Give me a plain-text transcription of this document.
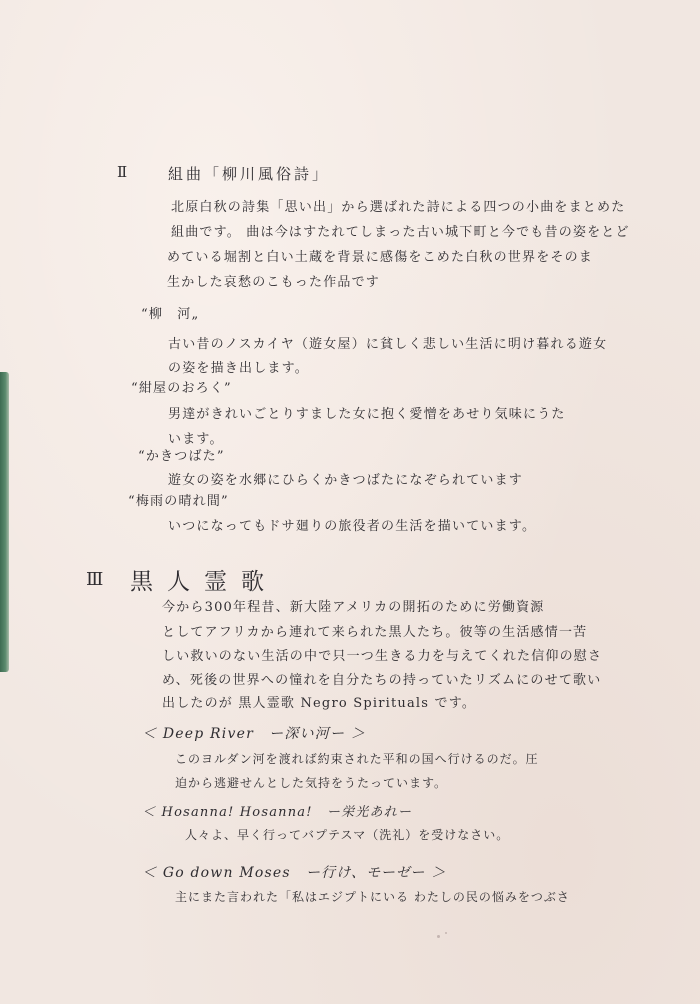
Ⅱ	組曲「柳川風俗詩」

北原白秋の詩集「思い出」から選ばれた詩による四つの小曲をまとめた

組曲です。 曲は今はすたれてしまった古い城下町と今でも昔の姿をとど

めている堀割と白い土蔵を背景に感傷をこめた白秋の世界をそのま

生かした哀愁のこもった作品です

“柳　河„

古い昔のノスカイヤ（遊女屋）に貧しく悲しい生活に明け暮れる遊女

の姿を描き出します。

“紺屋のおろく”

男達がきれいごとりすました女に抱く愛憎をあせり気味にうた

います。

“かきつばた”

遊女の姿を水郷にひらくかきつばたになぞられています

“梅雨の晴れ間”

いつになってもドサ廻りの旅役者の生活を描いています。

Ⅲ 黒人霊歌

今から300年程昔、新大陸アメリカの開拓のために労働資源

としてアフリカから連れて来られた黒人たち。彼等の生活感情一苦

しい救いのない生活の中で只一つ生きる力を与えてくれた信仰の慰さ

め、死後の世界への憧れを自分たちの持っていたリズムにのせて歌い

出したのが 黒人霊歌 Negro Spirituals です。

＜ Deep River　ー深い河ー ＞

このヨルダン河を渡れば約束された平和の国へ行けるのだ。圧

迫から逃避せんとした気持をうたっています。

＜ Hosanna! Hosanna!　ー栄光あれー

人々よ、早く行ってバプテスマ（洗礼）を受けなさい。

＜ Go down Moses　ー行け、モーゼー ＞

主にまた言われた「私はエジプトにいる わたしの民の悩みをつぶさ
